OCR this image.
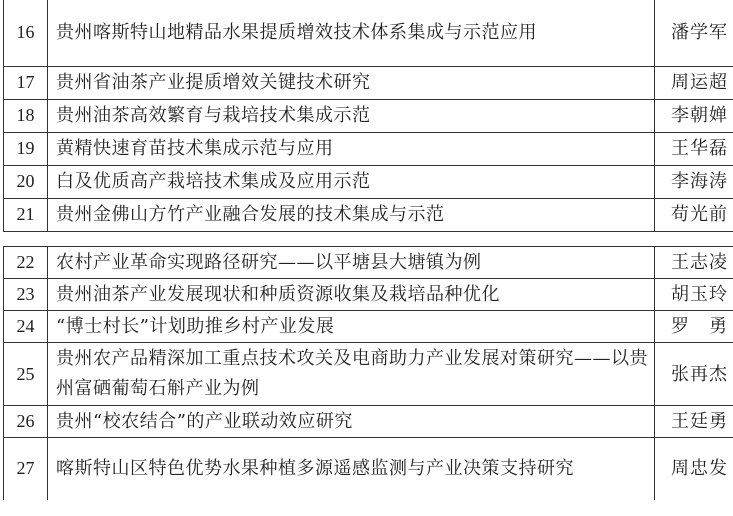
16	贵州喀斯特山地精品水果提质增效技术体系集成与示范应用	潘学军
17	贵州省油茶产业提质增效关键技术研究	周运超
18	贵州油茶高效繁育与栽培技术集成示范	李朝婵
19	黄精快速育苗技术集成示范与应用	王华磊
20	白及优质高产栽培技术集成及应用示范	李海涛
21	贵州金佛山方竹产业融合发展的技术集成与示范	苟光前
22	农村产业革命实现路径研究——以平塘县大塘镇为例	王志凌
23	贵州油茶产业发展现状和种质资源收集及栽培品种优化	胡玉玲
24	“博士村长”计划助推乡村产业发展	罗　勇
25	贵州农产品精深加工重点技术攻关及电商助力产业发展对策研究——以贵州富硒葡萄石斛产业为例	张再杰
26	贵州“校农结合”的产业联动效应研究	王廷勇
27	喀斯特山区特色优势水果种植多源遥感监测与产业决策支持研究	周忠发
